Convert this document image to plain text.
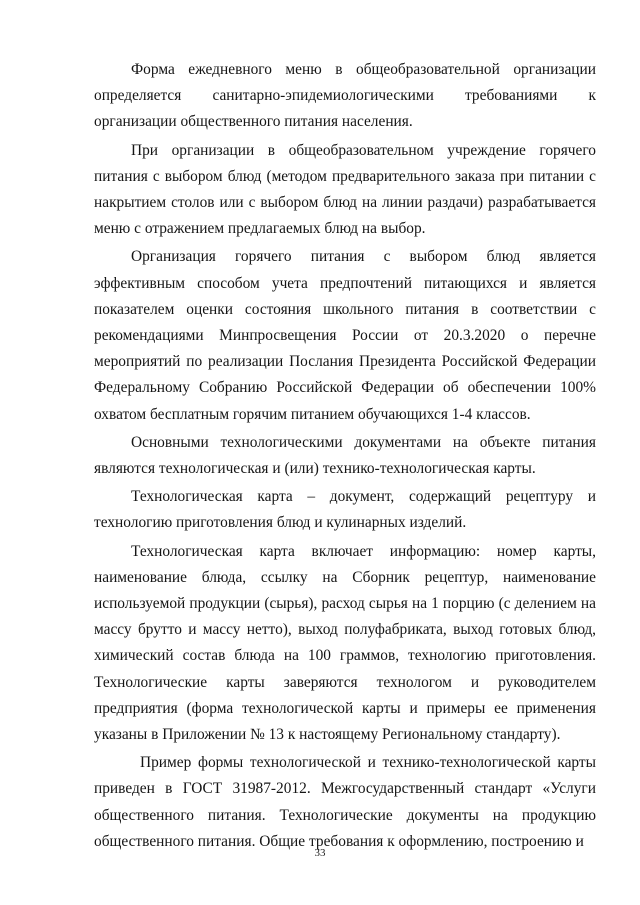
Форма ежедневного меню в общеобразовательной организации определяется санитарно-эпидемиологическими требованиями к организации общественного питания населения.

При организации в общеобразовательном учреждение горячего питания с выбором блюд (методом предварительного заказа при питании с накрытием столов или с выбором блюд на линии раздачи) разрабатывается меню с отражением предлагаемых блюд на выбор.

Организация горячего питания с выбором блюд является эффективным способом учета предпочтений питающихся и является показателем оценки состояния школьного питания в соответствии с рекомендациями Минпросвещения России от 20.3.2020 о перечне мероприятий по реализации Послания Президента Российской Федерации Федеральному Собранию Российской Федерации об обеспечении 100% охватом бесплатным горячим питанием обучающихся 1-4 классов.

Основными технологическими документами на объекте питания являются технологическая и (или) технико-технологическая карты.

Технологическая карта – документ, содержащий рецептуру и технологию приготовления блюд и кулинарных изделий.

Технологическая карта включает информацию: номер карты, наименование блюда, ссылку на Сборник рецептур, наименование используемой продукции (сырья), расход сырья на 1 порцию (с делением на массу брутто и массу нетто), выход полуфабриката, выход готовых блюд, химический состав блюда на 100 граммов, технологию приготовления. Технологические карты заверяются технологом и руководителем предприятия (форма технологической карты и примеры ее применения указаны в Приложении № 13 к настоящему Региональному стандарту).

Пример формы технологической и технико-технологической карты приведен в ГОСТ 31987-2012. Межгосударственный стандарт «Услуги общественного питания. Технологические документы на продукцию общественного питания. Общие требования к оформлению, построению и

33
